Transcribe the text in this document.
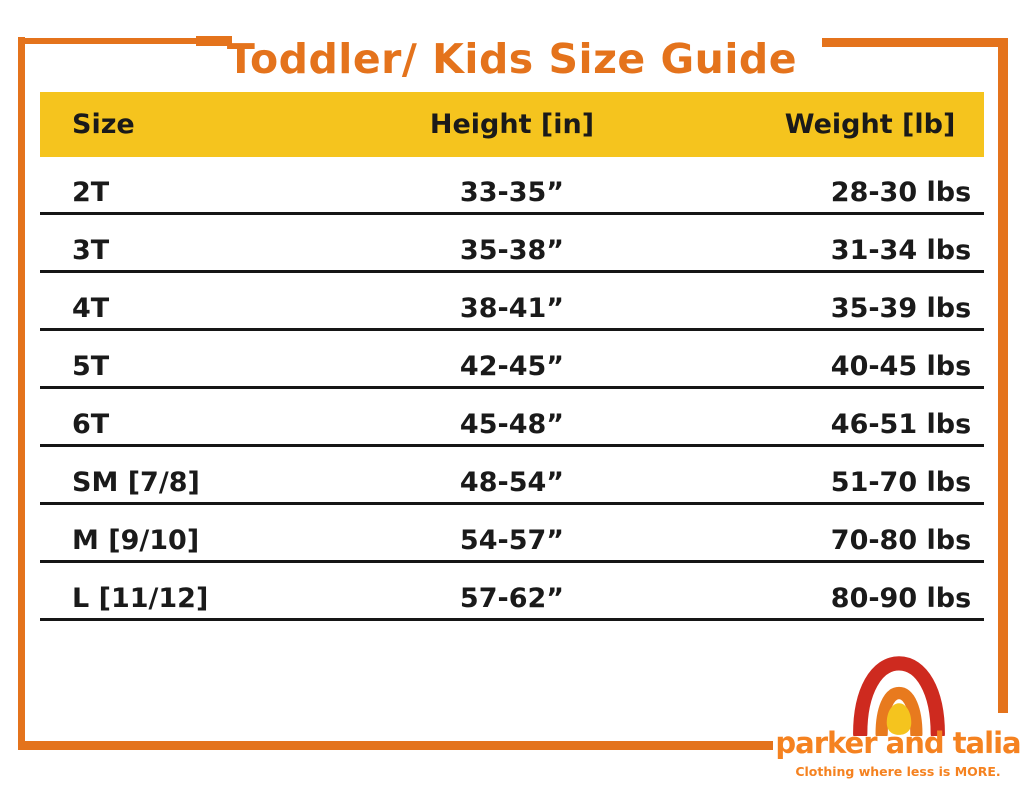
Toddler/ Kids Size Guide
Size	Height [in]	Weight [lb]
2T	33-35”	28-30 lbs
3T	35-38”	31-34 lbs
4T	38-41”	35-39 lbs
5T	42-45”	40-45 lbs
6T	45-48”	46-51 lbs
SM [7/8]	48-54”	51-70 lbs
M [9/10]	54-57”	70-80 lbs
L [11/12]	57-62”	80-90 lbs
parker and talia
Clothing where less is MORE.
